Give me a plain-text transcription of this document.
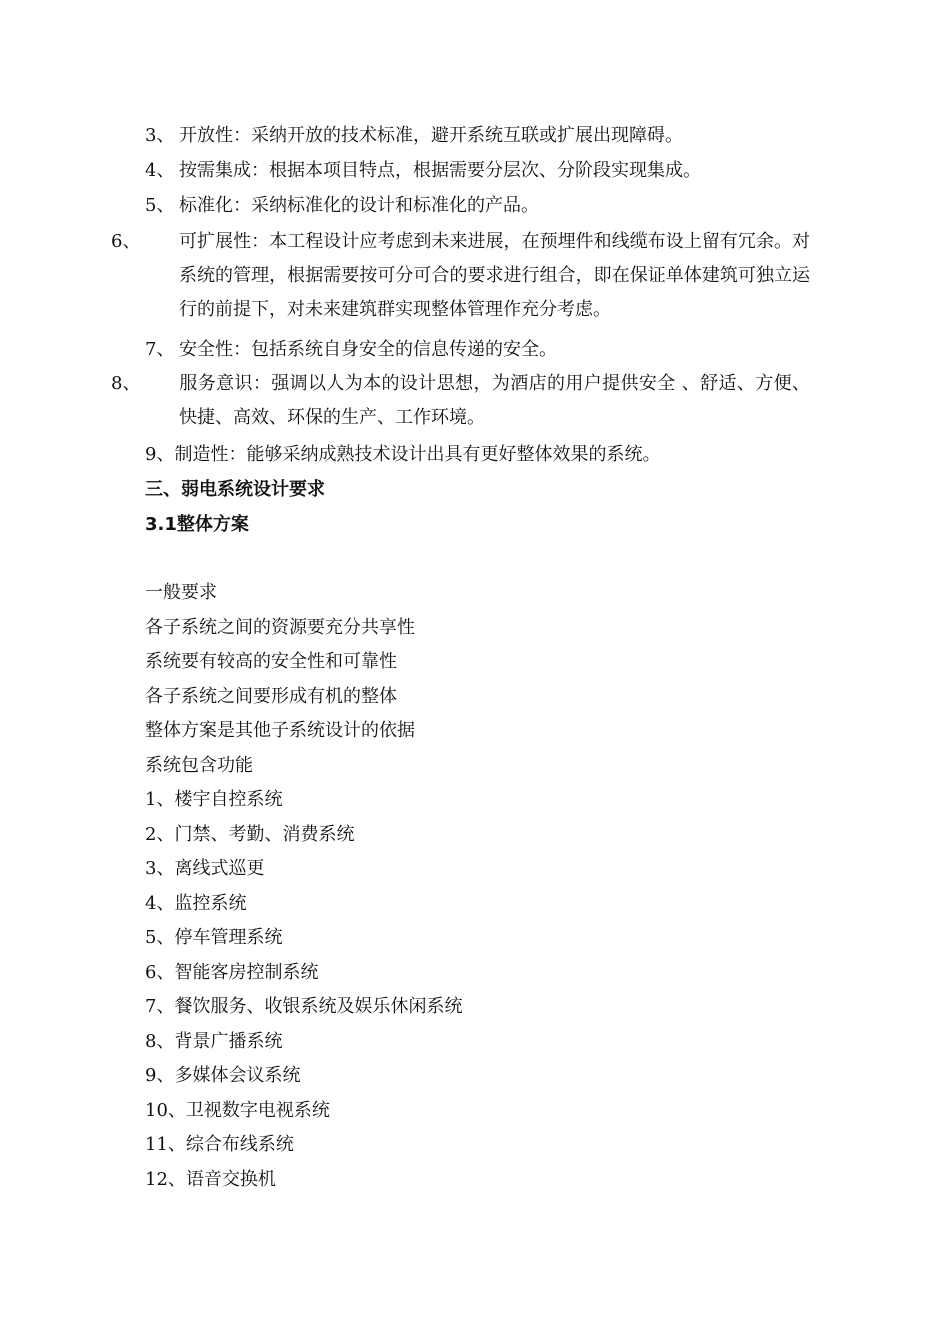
3、 开放性：采纳开放的技术标准，避开系统互联或扩展出现障碍。
4、 按需集成：根据本项目特点，根据需要分层次、分阶段实现集成。
5、 标准化：采纳标准化的设计和标准化的产品。
6、 可扩展性：本工程设计应考虑到未来进展，在预埋件和线缆布设上留有冗余。对系统的管理，根据需要按可分可合的要求进行组合，即在保证单体建筑可独立运行的前提下，对未来建筑群实现整体管理作充分考虑。
7、 安全性：包括系统自身安全的信息传递的安全。
8、 服务意识：强调以人为本的设计思想，为酒店的用户提供安全 、舒适、方便、快捷、高效、环保的生产、工作环境。
9、制造性：能够采纳成熟技术设计出具有更好整体效果的系统。
三、弱电系统设计要求
3.1整体方案
一般要求
各子系统之间的资源要充分共享性
系统要有较高的安全性和可靠性
各子系统之间要形成有机的整体
整体方案是其他子系统设计的依据
系统包含功能
1、楼宇自控系统
2、门禁、考勤、消费系统
3、离线式巡更
4、监控系统
5、停车管理系统
6、智能客房控制系统
7、餐饮服务、收银系统及娱乐休闲系统
8、背景广播系统
9、多媒体会议系统
10、卫视数字电视系统
11、综合布线系统
12、语音交换机
